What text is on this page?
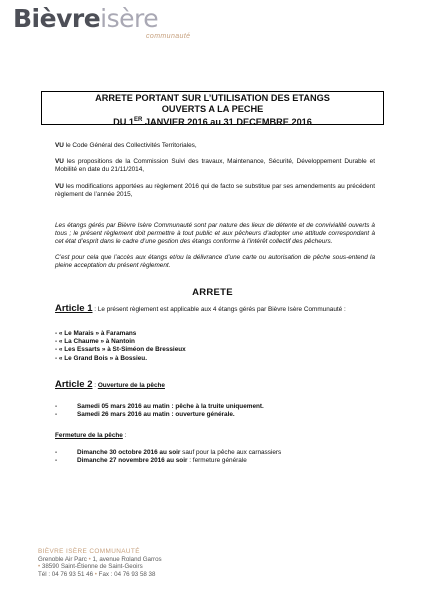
Bièvreisère
communauté
ARRETE PORTANT SUR L’UTILISATION DES ETANGS
OUVERTS A LA PECHE
DU 1ER JANVIER 2016 au 31 DECEMBRE 2016
VU le Code Général des Collectivités Territoriales,
VU les propositions de la Commission Suivi des travaux, Maintenance, Sécurité, Développement Durable et Mobilité en date du 21/11/2014,
VU les modifications apportées au règlement 2016 qui de facto se substitue par ses amendements au précédent règlement de l’année 2015,
Les étangs gérés par Bièvre Isère Communauté sont par nature des lieux de détente et de convivialité ouverts à tous ; le présent règlement doit permettre à tout public et aux pêcheurs d’adopter une attitude correspondant à cet état d’esprit dans le cadre d’une gestion des étangs conforme à l’intérêt collectif des pêcheurs.
C’est pour cela que l’accès aux étangs et/ou la délivrance d’une carte ou autorisation de pêche sous-entend la pleine acceptation du présent règlement.
ARRETE
Article 1 : Le présent règlement est applicable aux 4 étangs gérés par Bièvre Isère Communauté :
- « Le Marais » à Faramans
- « La Chaume » à Nantoin
- « Les Essarts » à St-Siméon de Bressieux
- « Le Grand Bois » à Bossieu.
Article 2 : Ouverture de la pêche
-	Samedi 05 mars 2016 au matin : pêche à la truite uniquement.
-	Samedi 26 mars 2016 au matin : ouverture générale.
Fermeture de la pêche :
-	Dimanche 30 octobre 2016 au soir sauf pour la pêche aux carnassiers
-	Dimanche 27 novembre 2016 au soir : fermeture générale
BIÈVRE ISÈRE COMMUNAUTÉ
Grenoble Air Parc • 1, avenue Roland Garros
• 38590 Saint-Étienne de Saint-Geoirs
Tél : 04 76 93 51 46 • Fax : 04 76 93 58 38
